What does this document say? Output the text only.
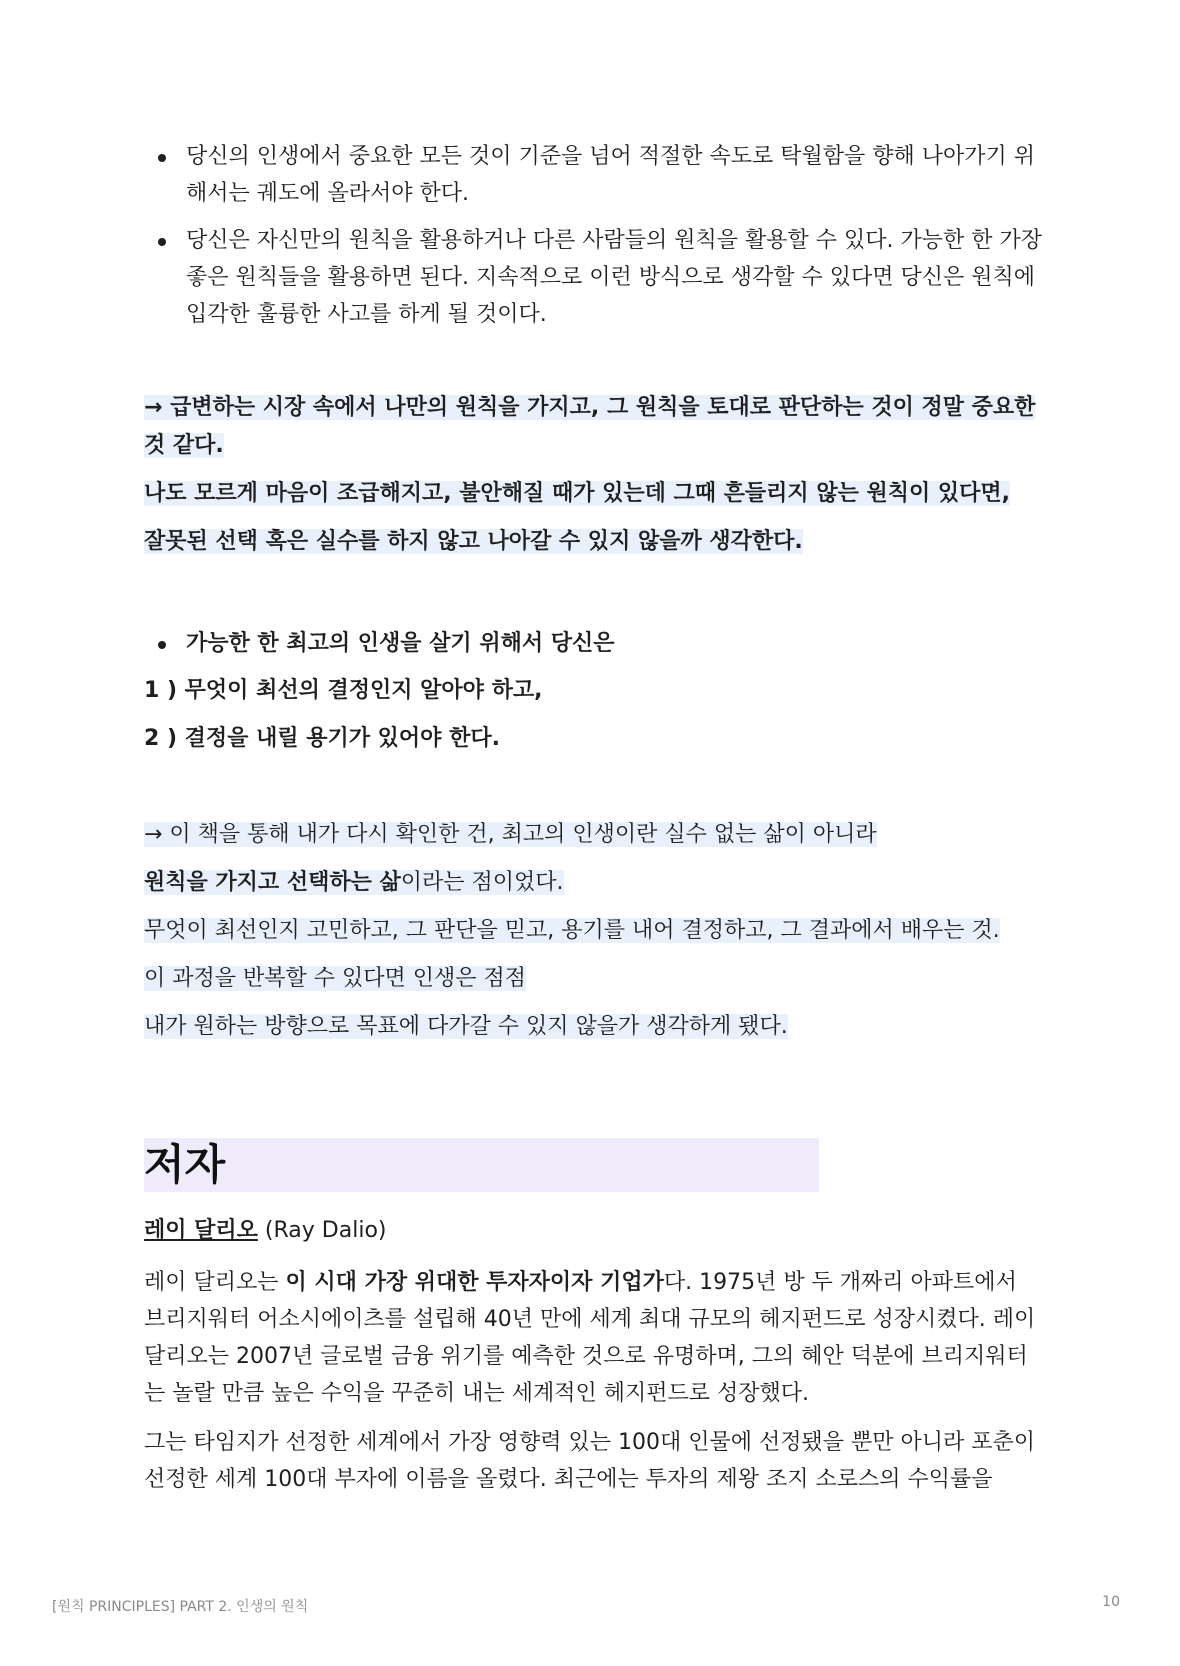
당신의 인생에서 중요한 모든 것이 기준을 넘어 적절한 속도로 탁월함을 향해 나아가기 위해서는 궤도에 올라서야 한다.
당신은 자신만의 원칙을 활용하거나 다른 사람들의 원칙을 활용할 수 있다. 가능한 한 가장 좋은 원칙들을 활용하면 된다. 지속적으로 이런 방식으로 생각할 수 있다면 당신은 원칙에 입각한 훌륭한 사고를 하게 될 것이다.

→ 급변하는 시장 속에서 나만의 원칙을 가지고, 그 원칙을 토대로 판단하는 것이 정말 중요한 것 같다.

나도 모르게 마음이 조급해지고, 불안해질 때가 있는데 그때 흔들리지 않는 원칙이 있다면,

잘못된 선택 혹은 실수를 하지 않고 나아갈 수 있지 않을까 생각한다.

가능한 한 최고의 인생을 살기 위해서 당신은

1 ) 무엇이 최선의 결정인지 알아야 하고,

2 ) 결정을 내릴 용기가 있어야 한다.

→ 이 책을 통해 내가 다시 확인한 건, 최고의 인생이란 실수 없는 삶이 아니라

원칙을 가지고 선택하는 삶이라는 점이었다.

무엇이 최선인지 고민하고, 그 판단을 믿고, 용기를 내어 결정하고, 그 결과에서 배우는 것.

이 과정을 반복할 수 있다면 인생은 점점

내가 원하는 방향으로 목표에 다가갈 수 있지 않을가 생각하게 됐다.

저자
레이 달리오 (Ray Dalio)

레이 달리오는 이 시대 가장 위대한 투자자이자 기업가다. 1975년 방 두 개짜리 아파트에서 브리지워터 어소시에이츠를 설립해 40년 만에 세계 최대 규모의 헤지펀드로 성장시켰다. 레이 달리오는 2007년 글로벌 금융 위기를 예측한 것으로 유명하며, 그의 혜안 덕분에 브리지워터는 놀랄 만큼 높은 수익을 꾸준히 내는 세계적인 헤지펀드로 성장했다.

그는 타임지가 선정한 세계에서 가장 영향력 있는 100대 인물에 선정됐을 뿐만 아니라 포춘이 선정한 세계 100대 부자에 이름을 올렸다. 최근에는 투자의 제왕 조지 소로스의 수익률을

[원칙 PRINCIPLES] PART 2. 인생의 원칙	10
